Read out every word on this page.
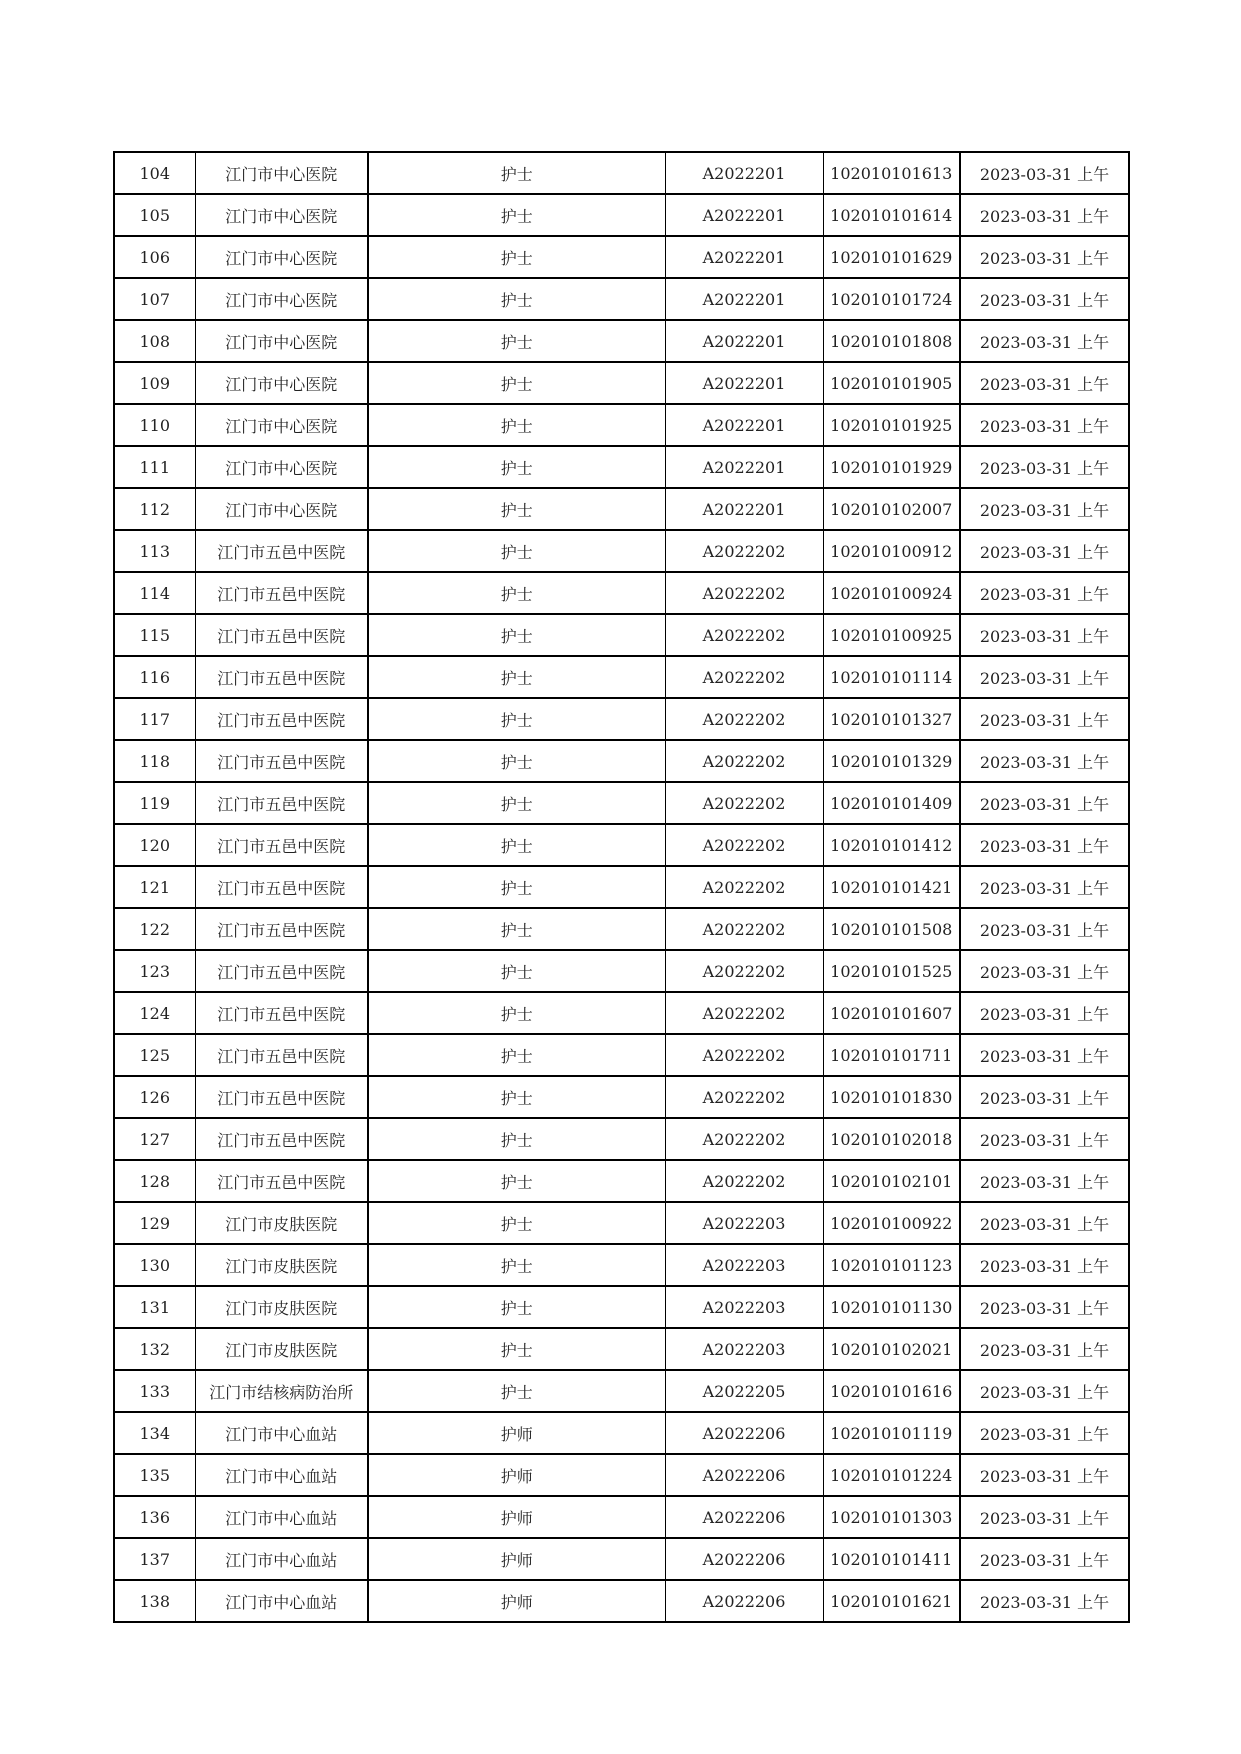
104	江门市中心医院	护士	A2022201	102010101613	2023-03-31 上午
105	江门市中心医院	护士	A2022201	102010101614	2023-03-31 上午
106	江门市中心医院	护士	A2022201	102010101629	2023-03-31 上午
107	江门市中心医院	护士	A2022201	102010101724	2023-03-31 上午
108	江门市中心医院	护士	A2022201	102010101808	2023-03-31 上午
109	江门市中心医院	护士	A2022201	102010101905	2023-03-31 上午
110	江门市中心医院	护士	A2022201	102010101925	2023-03-31 上午
111	江门市中心医院	护士	A2022201	102010101929	2023-03-31 上午
112	江门市中心医院	护士	A2022201	102010102007	2023-03-31 上午
113	江门市五邑中医院	护士	A2022202	102010100912	2023-03-31 上午
114	江门市五邑中医院	护士	A2022202	102010100924	2023-03-31 上午
115	江门市五邑中医院	护士	A2022202	102010100925	2023-03-31 上午
116	江门市五邑中医院	护士	A2022202	102010101114	2023-03-31 上午
117	江门市五邑中医院	护士	A2022202	102010101327	2023-03-31 上午
118	江门市五邑中医院	护士	A2022202	102010101329	2023-03-31 上午
119	江门市五邑中医院	护士	A2022202	102010101409	2023-03-31 上午
120	江门市五邑中医院	护士	A2022202	102010101412	2023-03-31 上午
121	江门市五邑中医院	护士	A2022202	102010101421	2023-03-31 上午
122	江门市五邑中医院	护士	A2022202	102010101508	2023-03-31 上午
123	江门市五邑中医院	护士	A2022202	102010101525	2023-03-31 上午
124	江门市五邑中医院	护士	A2022202	102010101607	2023-03-31 上午
125	江门市五邑中医院	护士	A2022202	102010101711	2023-03-31 上午
126	江门市五邑中医院	护士	A2022202	102010101830	2023-03-31 上午
127	江门市五邑中医院	护士	A2022202	102010102018	2023-03-31 上午
128	江门市五邑中医院	护士	A2022202	102010102101	2023-03-31 上午
129	江门市皮肤医院	护士	A2022203	102010100922	2023-03-31 上午
130	江门市皮肤医院	护士	A2022203	102010101123	2023-03-31 上午
131	江门市皮肤医院	护士	A2022203	102010101130	2023-03-31 上午
132	江门市皮肤医院	护士	A2022203	102010102021	2023-03-31 上午
133	江门市结核病防治所	护士	A2022205	102010101616	2023-03-31 上午
134	江门市中心血站	护师	A2022206	102010101119	2023-03-31 上午
135	江门市中心血站	护师	A2022206	102010101224	2023-03-31 上午
136	江门市中心血站	护师	A2022206	102010101303	2023-03-31 上午
137	江门市中心血站	护师	A2022206	102010101411	2023-03-31 上午
138	江门市中心血站	护师	A2022206	102010101621	2023-03-31 上午
